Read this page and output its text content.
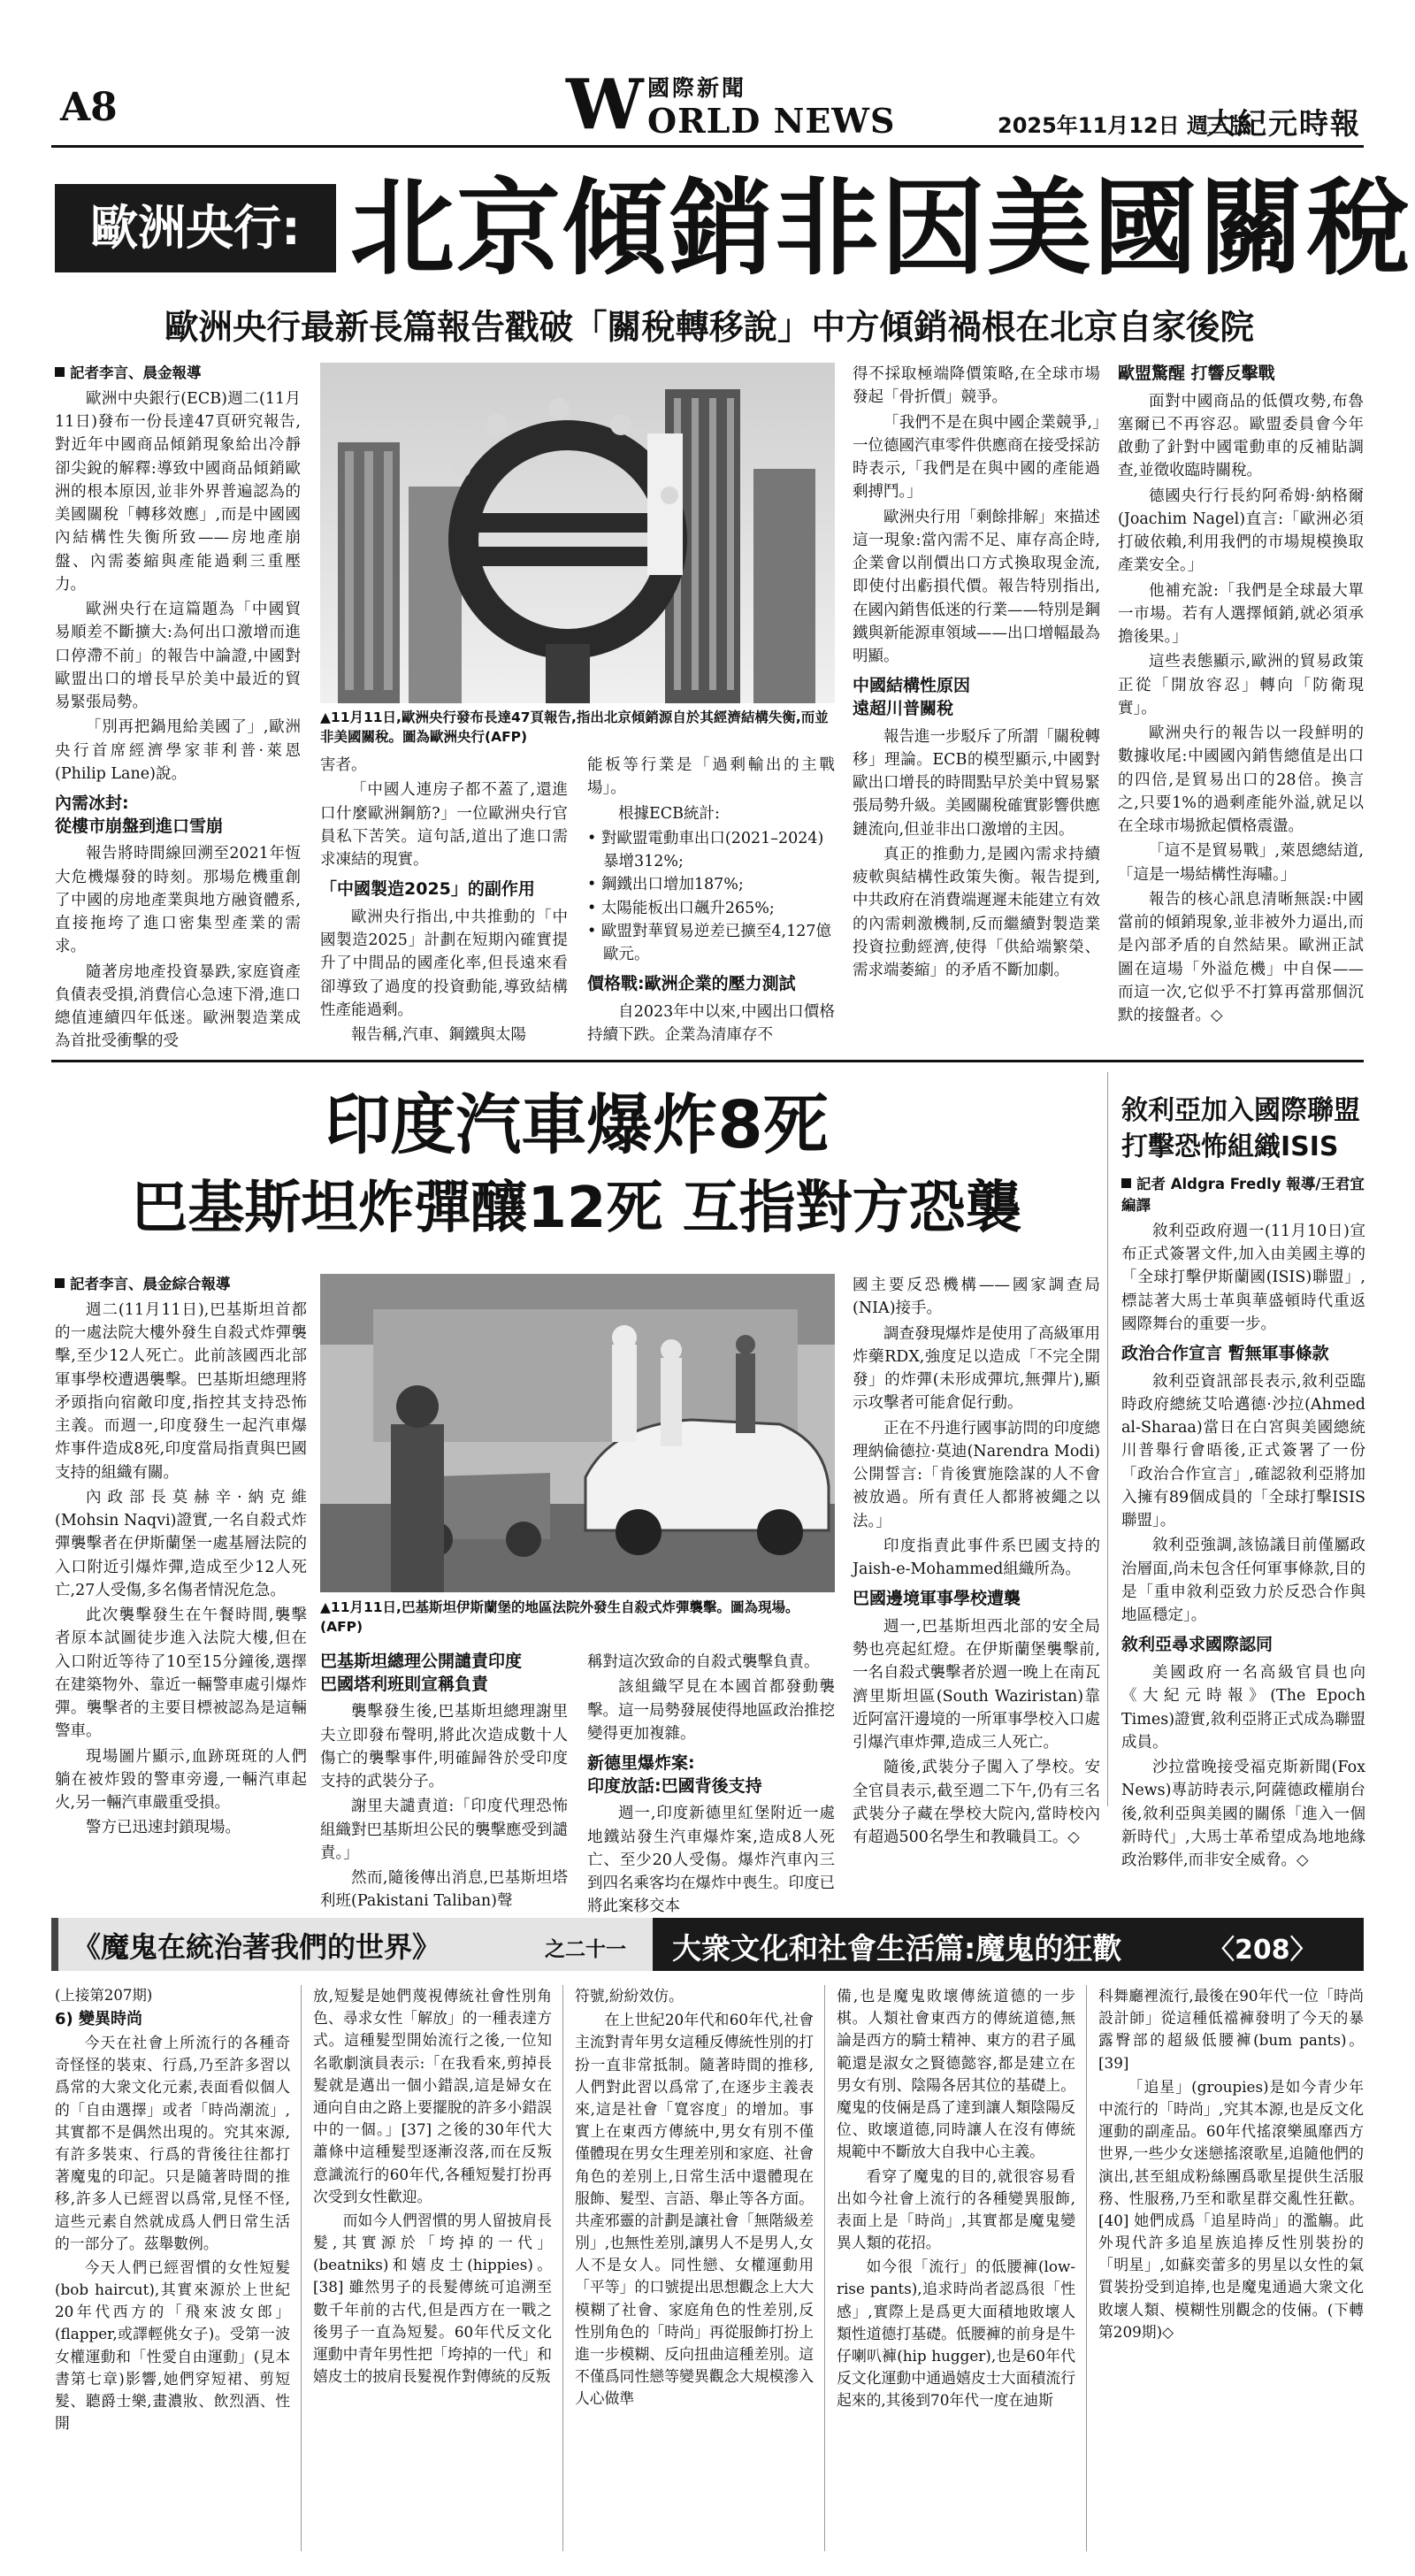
A8	W 國際新聞
ORLD NEWS	2025年11月12日 週三版
大紀元時報
歐洲央行: 北京傾銷非因美國關稅
歐洲央行最新長篇報告戳破「關稅轉移說」中方傾銷禍根在北京自家後院
記者李言、晨金報導

歐洲中央銀行(ECB)週二(11月11日)發布一份長達47頁研究報告,對近年中國商品傾銷現象給出冷靜卻尖銳的解釋:導致中國商品傾銷歐洲的根本原因,並非外界普遍認為的美國關稅「轉移效應」,而是中國國內結構性失衡所致——房地產崩盤、內需萎縮與產能過剩三重壓力。

歐洲央行在這篇題為「中國貿易順差不斷擴大:為何出口激增而進口停滯不前」的報告中論證,中國對歐盟出口的增長早於美中最近的貿易緊張局勢。

「別再把鍋甩給美國了」,歐洲央行首席經濟學家菲利普·萊恩(Philip Lane)說。

內需冰封:
從樓市崩盤到進口雪崩

報告將時間線回溯至2021年恆大危機爆發的時刻。那場危機重創了中國的房地產業與地方融資體系,直接拖垮了進口密集型產業的需求。

隨著房地產投資暴跌,家庭資產負債表受損,消費信心急速下滑,進口總值連續四年低迷。歐洲製造業成為首批受衝擊的受

▲11月11日,歐洲央行發布長達47頁報告,指出北京傾銷源自於其經濟結構失衡,而並非美國關稅。圖為歐洲央行(AFP)

害者。

「中國人連房子都不蓋了,還進口什麼歐洲鋼筋?」一位歐洲央行官員私下苦笑。這句話,道出了進口需求凍結的現實。

「中國製造2025」的副作用

歐洲央行指出,中共推動的「中國製造2025」計劃在短期內確實提升了中間品的國產化率,但長遠來看卻導致了過度的投資動能,導致結構性產能過剩。

報告稱,汽車、鋼鐵與太陽

能板等行業是「過剩輸出的主戰場」。

根據ECB統計:

• 對歐盟電動車出口(2021–2024)暴增312%;
• 鋼鐵出口增加187%;
• 太陽能板出口飆升265%;
• 歐盟對華貿易逆差已擴至4,127億歐元。
價格戰:歐洲企業的壓力測試

自2023年中以來,中國出口價格持續下跌。企業為清庫存不

得不採取極端降價策略,在全球市場發起「骨折價」競爭。

「我們不是在與中國企業競爭,」一位德國汽車零件供應商在接受採訪時表示,「我們是在與中國的產能過剩搏鬥。」

歐洲央行用「剩餘排解」來描述這一現象:當內需不足、庫存高企時,企業會以削價出口方式換取現金流,即使付出虧損代價。報告特別指出,在國內銷售低迷的行業——特別是鋼鐵與新能源車領域——出口增幅最為明顯。

中國結構性原因
遠超川普關稅

報告進一步駁斥了所謂「關稅轉移」理論。ECB的模型顯示,中國對歐出口增長的時間點早於美中貿易緊張局勢升級。美國關稅確實影響供應鏈流向,但並非出口激增的主因。

真正的推動力,是國內需求持續疲軟與結構性政策失衡。報告提到,中共政府在消費端遲遲未能建立有效的內需刺激機制,反而繼續對製造業投資拉動經濟,使得「供給端繁榮、需求端萎縮」的矛盾不斷加劇。

歐盟驚醒 打響反擊戰

面對中國商品的低價攻勢,布魯塞爾已不再容忍。歐盟委員會今年啟動了針對中國電動車的反補貼調查,並徵收臨時關稅。

德國央行行長約阿希姆·納格爾(Joachim Nagel)直言:「歐洲必須打破依賴,利用我們的市場規模換取產業安全。」

他補充說:「我們是全球最大單一市場。若有人選擇傾銷,就必須承擔後果。」

這些表態顯示,歐洲的貿易政策正從「開放容忍」轉向「防衛現實」。

歐洲央行的報告以一段鮮明的數據收尾:中國國內銷售總值是出口的四倍,是貿易出口的28倍。換言之,只要1%的過剩產能外溢,就足以在全球市場掀起價格震盪。

「這不是貿易戰」,萊恩總結道,「這是一場結構性海嘯。」

報告的核心訊息清晰無誤:中國當前的傾銷現象,並非被外力逼出,而是內部矛盾的自然結果。歐洲正試圖在這場「外溢危機」中自保——而這一次,它似乎不打算再當那個沉默的接盤者。◇

印度汽車爆炸8死
巴基斯坦炸彈釀12死 互指對方恐襲
記者李言、晨金綜合報導

週二(11月11日),巴基斯坦首都的一處法院大樓外發生自殺式炸彈襲擊,至少12人死亡。此前該國西北部軍事學校遭遇襲擊。巴基斯坦總理將矛頭指向宿敵印度,指控其支持恐怖主義。而週一,印度發生一起汽車爆炸事件造成8死,印度當局指責與巴國支持的組織有關。

內政部長莫赫辛·納克維(Mohsin Naqvi)證實,一名自殺式炸彈襲擊者在伊斯蘭堡一處基層法院的入口附近引爆炸彈,造成至少12人死亡,27人受傷,多名傷者情況危急。

此次襲擊發生在午餐時間,襲擊者原本試圖徒步進入法院大樓,但在入口附近等待了10至15分鐘後,選擇在建築物外、靠近一輛警車處引爆炸彈。襲擊者的主要目標被認為是這輛警車。

現場圖片顯示,血跡斑斑的人們躺在被炸毀的警車旁邊,一輛汽車起火,另一輛汽車嚴重受損。

警方已迅速封鎖現場。

▲11月11日,巴基斯坦伊斯蘭堡的地區法院外發生自殺式炸彈襲擊。圖為現場。(AFP)
巴基斯坦總理公開譴責印度
巴國塔利班則宣稱負責

襲擊發生後,巴基斯坦總理謝里夫立即發布聲明,將此次造成數十人傷亡的襲擊事件,明確歸咎於受印度支持的武裝分子。

謝里夫譴責道:「印度代理恐怖組織對巴基斯坦公民的襲擊應受到譴責。」

然而,隨後傳出消息,巴基斯坦塔利班(Pakistani Taliban)聲

稱對這次致命的自殺式襲擊負責。

該組織罕見在本國首都發動襲擊。這一局勢發展使得地區政治推挖變得更加複雜。

新德里爆炸案:
印度放話:巴國背後支持

週一,印度新德里紅堡附近一處地鐵站發生汽車爆炸案,造成8人死亡、至少20人受傷。爆炸汽車內三到四名乘客均在爆炸中喪生。印度已將此案移交本

國主要反恐機構——國家調查局(NIA)接手。

調查發現爆炸是使用了高級軍用炸藥RDX,強度足以造成「不完全開發」的炸彈(未形成彈坑,無彈片),顯示攻擊者可能倉促行動。

正在不丹進行國事訪問的印度總理納倫德拉·莫迪(Narendra Modi)公開誓言:「肯後實施陰謀的人不會被放過。所有責任人都將被繩之以法。」

印度指責此事件系巴國支持的Jaish-e-Mohammed組織所為。

巴國邊境軍事學校遭襲

週一,巴基斯坦西北部的安全局勢也亮起紅燈。在伊斯蘭堡襲擊前,一名自殺式襲擊者於週一晚上在南瓦濟里斯坦區(South Waziristan)靠近阿富汗邊境的一所軍事學校入口處引爆汽車炸彈,造成三人死亡。

隨後,武裝分子闖入了學校。安全官員表示,截至週二下午,仍有三名武裝分子藏在學校大院內,當時校內有超過500名學生和教職員工。◇

敘利亞加入國際聯盟
打擊恐怖組織ISIS
記者 Aldgra Fredly 報導/王君宜編譯

敘利亞政府週一(11月10日)宣布正式簽署文件,加入由美國主導的「全球打擊伊斯蘭國(ISIS)聯盟」,標誌著大馬士革與華盛頓時代重返國際舞台的重要一步。

政治合作宣言 暫無軍事條款

敘利亞資訊部長表示,敘利亞臨時政府總統艾哈邁德·沙拉(Ahmed al-Sharaa)當日在白宮與美國總統川普舉行會晤後,正式簽署了一份「政治合作宣言」,確認敘利亞將加入擁有89個成員的「全球打擊ISIS聯盟」。

敘利亞強調,該協議目前僅屬政治層面,尚未包含任何軍事條款,目的是「重申敘利亞致力於反恐合作與地區穩定」。

敘利亞尋求國際認同

美國政府一名高級官員也向《大紀元時報》(The Epoch Times)證實,敘利亞將正式成為聯盟成員。

沙拉當晚接受福克斯新聞(Fox News)專訪時表示,阿薩德政權崩台後,敘利亞與美國的關係「進入一個新時代」,大馬士革希望成為地地緣政治夥伴,而非安全威脅。◇

《魔鬼在統治著我們的世界》	之二十一 大衆文化和社會生活篇:魔鬼的狂歡	〈208〉

(上接第207期)

6) 變異時尚

今天在社會上所流行的各種奇奇怪怪的裝束、行爲,乃至許多習以爲常的大衆文化元素,表面看似個人的「自由選擇」或者「時尚潮流」,其實都不是偶然出現的。究其來源,有許多裝束、行爲的背後往往都打著魔鬼的印記。只是隨著時間的推移,許多人已經習以爲常,見怪不怪,這些元素自然就成爲人們日常生活的一部分了。茲舉數例。

今天人們已經習慣的女性短髮(bob haircut),其實來源於上世紀20年代西方的「飛來波女郎」(flapper,或譯輕佻女子)。受第一波女權運動和「性愛自由運動」(見本書第七章)影響,她們穿短裙、剪短髮、聽爵士樂,畫濃妝、飲烈酒、性開

放,短髮是她們蔑視傳統社會性別角色、尋求女性「解放」的一種表達方式。這種髮型開始流行之後,一位知名歌劇演員表示:「在我看來,剪掉長髮就是邁出一個小錯誤,這是婦女在通向自由之路上要擺脫的許多小錯誤中的一個。」[37] 之後的30年代大蕭條中這種髮型逐漸沒落,而在反叛意識流行的60年代,各種短髮打扮再次受到女性歡迎。

而如今人們習慣的男人留披肩長髮,其實源於「垮掉的一代」(beatniks)和嬉皮士(hippies)。[38] 雖然男子的長髮傳統可追溯至數千年前的古代,但是西方在一戰之後男子一直為短髮。60年代反文化運動中青年男性把「垮掉的一代」和嬉皮士的披肩長髮視作對傳統的反叛

符號,紛紛效仿。

在上世紀20年代和60年代,社會主流對青年男女這種反傳統性別的打扮一直非常抵制。隨著時間的推移,人們對此習以爲常了,在逐步主義表來,這是社會「寬容度」的增加。事實上在東西方傳統中,男女有別不僅僅體現在男女生理差別和家庭、社會角色的差別上,日常生活中還體現在服飾、髮型、言語、舉止等各方面。共產邪靈的計劃是讓社會「無階級差別」,也無性差別,讓男人不是男人,女人不是女人。同性戀、女權運動用「平等」的口號提出思想觀念上大大模糊了社會、家庭角色的性差別,反性別角色的「時尚」再從服飾打扮上進一步模糊、反向扭曲這種差別。這不僅爲同性戀等變異觀念大規模滲入人心做準

備,也是魔鬼敗壞傳統道德的一步棋。人類社會東西方的傳統道德,無論是西方的騎士精神、東方的君子風範還是淑女之賢德懿容,都是建立在男女有別、陰陽各居其位的基礎上。魔鬼的伎倆是爲了達到讓人類陰陽反位、敗壞道德,同時讓人在沒有傳統規範中不斷放大自我中心主義。

看穿了魔鬼的目的,就很容易看出如今社會上流行的各種變異服飾,表面上是「時尚」,其實都是魔鬼變異人類的花招。

如今很「流行」的低腰褲(low-rise pants),追求時尚者認爲很「性感」,實際上是爲更大面積地敗壞人類性道德打基礎。低腰褲的前身是牛仔喇叭褲(hip hugger),也是60年代反文化運動中通過嬉皮士大面積流行起來的,其後到70年代一度在迪斯

科舞廳裡流行,最後在90年代一位「時尚設計師」從這種低襠褲發明了今天的暴露臀部的超級低腰褲(bum pants)。[39]

「追星」(groupies)是如今青少年中流行的「時尚」,究其本源,也是反文化運動的副產品。60年代搖滾樂風靡西方世界,一些少女迷戀搖滾歌星,追隨他們的演出,甚至組成粉絲團爲歌星提供生活服務、性服務,乃至和歌星群交亂性狂歡。[40] 她們成爲「追星時尚」的濫觴。此外現代許多追星族追捧反性別裝扮的「明星」,如蘇奕蕾多的男星以女性的氣質裝扮受到追捧,也是魔鬼通過大衆文化敗壞人類、模糊性別觀念的伎倆。(下轉第209期)◇
